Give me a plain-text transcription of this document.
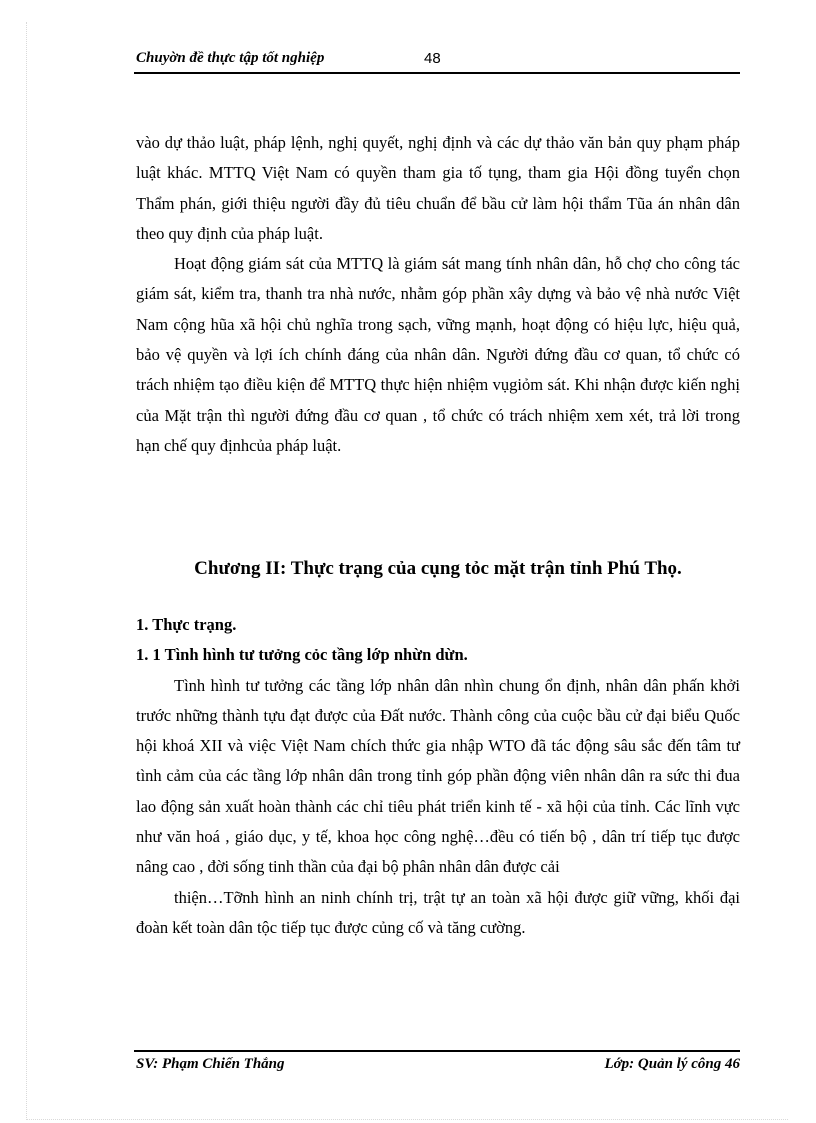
Chuyờn đề thực tập tốt nghiệp	48

vào dự thảo luật, pháp lệnh, nghị quyết, nghị định và các dự thảo văn bản quy phạm pháp luật khác. MTTQ Việt Nam có quyền tham gia tố tụng, tham gia Hội đồng tuyển chọn Thẩm phán, giới thiệu người đầy đủ tiêu chuẩn để bầu cử làm hội thẩm Tũa án nhân dân theo quy định của pháp luật.

Hoạt động giám sát của MTTQ là giám sát mang tính nhân dân, hỗ chợ cho công tác giám sát, kiểm tra, thanh tra nhà nước, nhằm góp phần xây dựng và bảo vệ nhà nước Việt Nam cộng hũa xã hội chủ nghĩa trong sạch, vững mạnh, hoạt động có hiệu lực, hiệu quả, bảo vệ quyền và lợi ích chính đáng của nhân dân. Người đứng đầu cơ quan, tổ chức có trách nhiệm tạo điều kiện để MTTQ thực hiện nhiệm vụgiỏm sát. Khi nhận được kiến nghị của Mặt trận thì người đứng đầu cơ quan , tổ chức có trách nhiệm xem xét, trả lời trong hạn chế quy địnhcủa pháp luật.

Chương II: Thực trạng của cụng tỏc mặt trận tỉnh Phú Thọ.

1. Thực trạng.

1. 1 Tình hình tư tưởng cỏc tầng lớp nhừn dừn.

Tình hình tư tưởng các tầng lớp nhân dân nhìn chung ổn định, nhân dân phấn khởi trước những thành tựu đạt được của Đất nước. Thành công của cuộc bầu cử đại biểu Quốc hội khoá XII và việc Việt Nam chích thức gia nhập WTO đã tác động sâu sắc đến tâm tư tình cảm của các tầng lớp nhân dân trong tỉnh góp phần động viên nhân dân ra sức thi đua lao động sản xuất hoàn thành các chỉ tiêu phát triển kinh tế - xã hội của tỉnh. Các lĩnh vực như văn hoá , giáo dục, y tế, khoa học công nghệ…đều có tiến bộ , dân trí tiếp tục được nâng cao , đời sống tinh thần của đại bộ phân nhân dân được cải

thiện…Tỡnh hình an ninh chính trị, trật tự an toàn xã hội được giữ vững, khối đại đoàn kết toàn dân tộc tiếp tục được củng cố và tăng cường.

SV: Phạm Chiến Thắng	Lớp: Quản lý công 46
